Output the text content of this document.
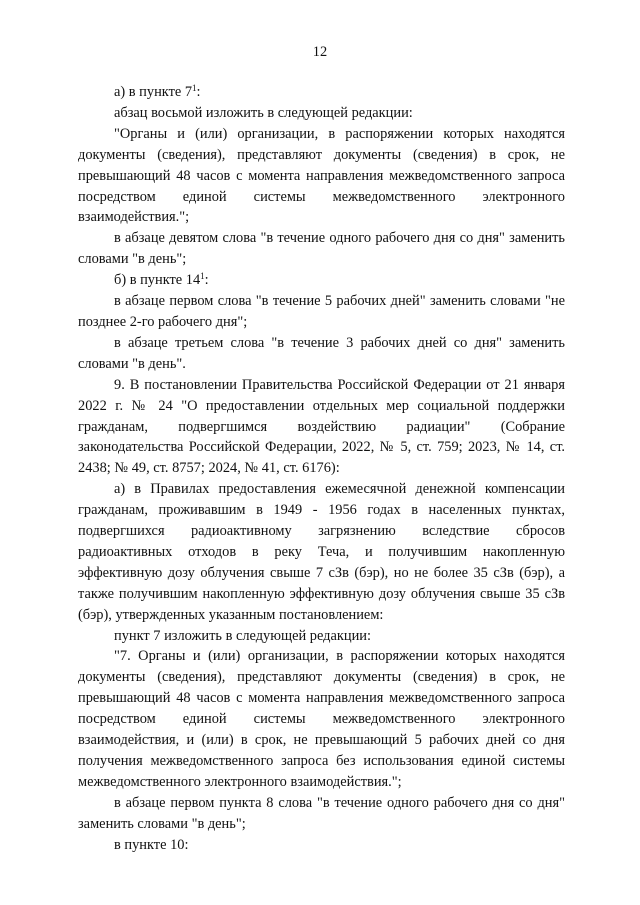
12

а) в пункте $7^1$:

абзац восьмой изложить в следующей редакции:

"Органы и (или) организации, в распоряжении которых находятся документы (сведения), представляют документы (сведения) в срок, не превышающий 48 часов с момента направления межведомственного запроса посредством единой системы межведомственного электронного взаимодействия.";

в абзаце девятом слова "в течение одного рабочего дня со дня" заменить словами "в день";

б) в пункте $14^1$:

в абзаце первом слова "в течение 5 рабочих дней" заменить словами "не позднее 2-го рабочего дня";

в абзаце третьем слова "в течение 3 рабочих дней со дня" заменить словами "в день".

9. В постановлении Правительства Российской Федерации от 21 января 2022 г. № 24 "О предоставлении отдельных мер социальной поддержки гражданам, подвергшимся воздействию радиации" (Собрание законодательства Российской Федерации, 2022, № 5, ст. 759; 2023, № 14, ст. 2438; № 49, ст. 8757; 2024, № 41, ст. 6176):

а) в Правилах предоставления ежемесячной денежной компенсации гражданам, проживавшим в 1949 - 1956 годах в населенных пунктах, подвергшихся радиоактивному загрязнению вследствие сбросов радиоактивных отходов в реку Теча, и получившим накопленную эффективную дозу облучения свыше 7 сЗв (бэр), но не более 35 сЗв (бэр), а также получившим накопленную эффективную дозу облучения свыше 35 сЗв (бэр), утвержденных указанным постановлением:

пункт 7 изложить в следующей редакции:

"7. Органы и (или) организации, в распоряжении которых находятся документы (сведения), представляют документы (сведения) в срок, не превышающий 48 часов с момента направления межведомственного запроса посредством единой системы межведомственного электронного взаимодействия, и (или) в срок, не превышающий 5 рабочих дней со дня получения межведомственного запроса без использования единой системы межведомственного электронного взаимодействия.";

в абзаце первом пункта 8 слова "в течение одного рабочего дня со дня" заменить словами "в день";

в пункте 10:
